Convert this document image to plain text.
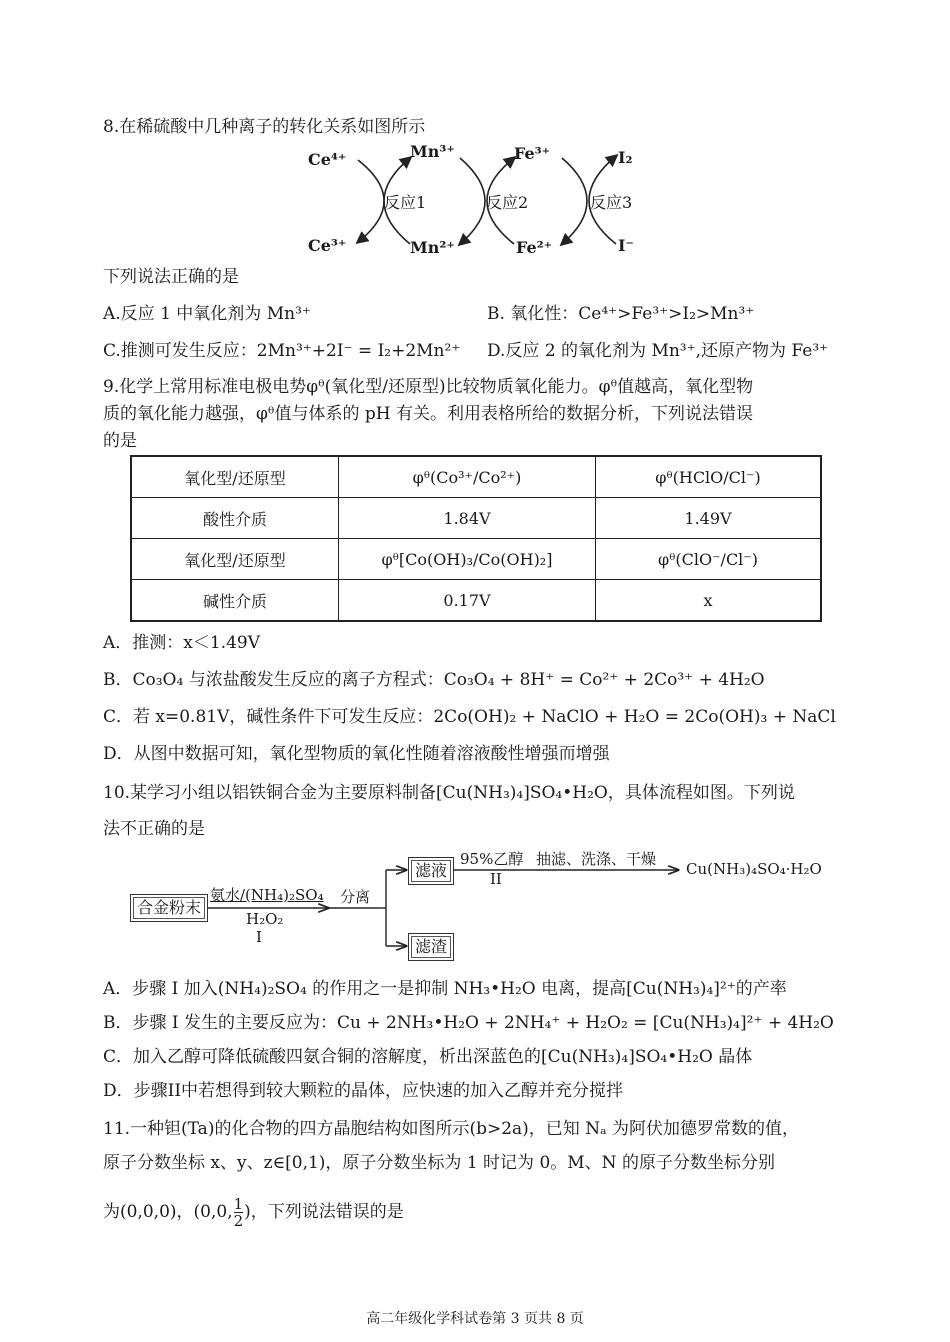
8.在稀硫酸中几种离子的转化关系如图所示
Ce⁴⁺
Ce³⁺
Mn³⁺
Mn²⁺
Fe³⁺
Fe²⁺
I₂
I⁻
反应1	反应2	反应3
下列说法正确的是
A.反应 1 中氧化剂为 Mn³⁺	B. 氧化性：Ce⁴⁺>Fe³⁺>I₂>Mn³⁺
C.推测可发生反应：2Mn³⁺+2I⁻ = I₂+2Mn²⁺ D.反应 2 的氧化剂为 Mn³⁺,还原产物为 Fe³⁺
9.化学上常用标准电极电势φᶿ(氧化型/还原型)比较物质氧化能力。φᶿ值越高，氧化型物
质的氧化能力越强，φᶿ值与体系的 pH 有关。利用表格所给的数据分析，下列说法错误
的是
氧化型/还原型	φᶿ(Co³⁺/Co²⁺)	φᶿ(HClO/Cl⁻)
酸性介质	1.84V	1.49V
氧化型/还原型	φᶿ[Co(OH)₃/Co(OH)₂]	φᶿ(ClO⁻/Cl⁻)
碱性介质	0.17V	x
A．推测：x＜1.49V
B．Co₃O₄ 与浓盐酸发生反应的离子方程式：Co₃O₄ + 8H⁺ = Co²⁺ + 2Co³⁺ + 4H₂O
C．若 x=0.81V，碱性条件下可发生反应：2Co(OH)₂ + NaClO + H₂O = 2Co(OH)₃ + NaCl
D．从图中数据可知，氧化型物质的氧化性随着溶液酸性增强而增强
10.某学习小组以铝铁铜合金为主要原料制备[Cu(NH₃)₄]SO₄•H₂O，具体流程如图。下列说
法不正确的是
合金粉末
氨水/(NH₄)₂SO₄
H₂O₂
I
分离
滤液
滤渣
95%乙醇
II
抽滤、洗涤、干燥
Cu(NH₃)₄SO₄·H₂O
A．步骤 I 加入(NH₄)₂SO₄ 的作用之一是抑制 NH₃•H₂O 电离，提高[Cu(NH₃)₄]²⁺的产率
B．步骤 I 发生的主要反应为：Cu + 2NH₃•H₂O + 2NH₄⁺ + H₂O₂ = [Cu(NH₃)₄]²⁺ + 4H₂O
C．加入乙醇可降低硫酸四氨合铜的溶解度，析出深蓝色的[Cu(NH₃)₄]SO₄•H₂O 晶体
D．步骤II中若想得到较大颗粒的晶体，应快速的加入乙醇并充分搅拌
11.一种钽(Ta)的化合物的四方晶胞结构如图所示(b>2a)，已知 Nₐ 为阿伏加德罗常数的值，
原子分数坐标 x、y、z∈[0,1)，原子分数坐标为 1 时记为 0。M、N 的原子分数坐标分别
为(0,0,0)，(0,0, $\frac{1}{2}$ )，下列说法错误的是
高二年级化学科试卷第 3 页共 8 页
